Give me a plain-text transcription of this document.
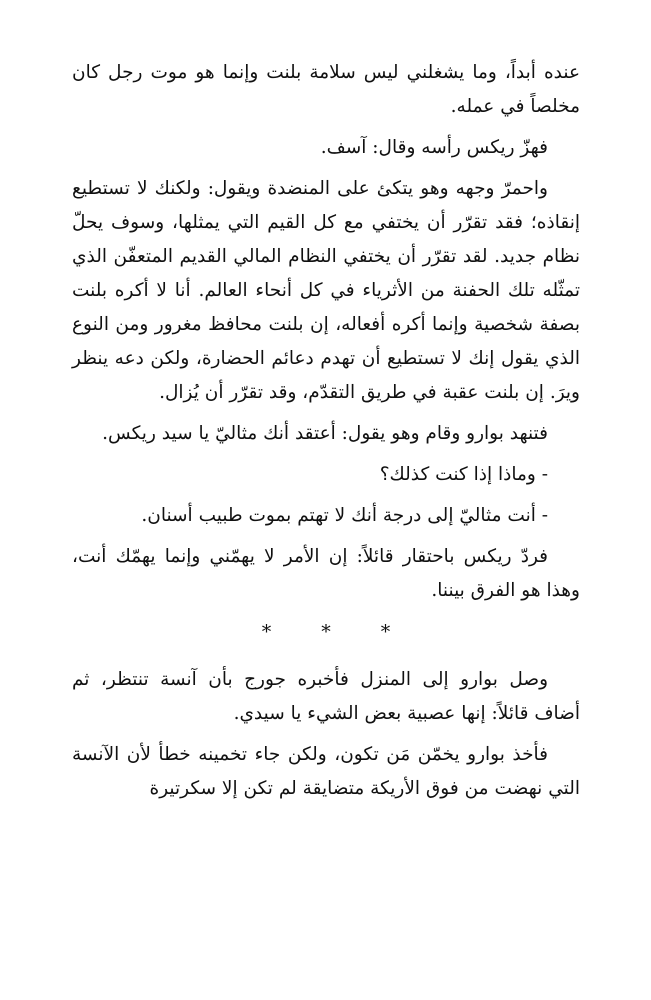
عنده أبداً، وما يشغلني ليس سلامة بلنت وإنما هو موت رجل كان مخلصاً في عمله.

فهزّ ريكس رأسه وقال: آسف.

واحمرّ وجهه وهو يتكئ على المنضدة ويقول: ولكنك لا تستطيع إنقاذه؛ فقد تقرّر أن يختفي مع كل القيم التي يمثلها، وسوف يحلّ نظام جديد. لقد تقرّر أن يختفي النظام المالي القديم المتعفّن الذي تمثّله تلك الحفنة من الأثرياء في كل أنحاء العالم. أنا لا أكره بلنت بصفة شخصية وإنما أكره أفعاله، إن بلنت محافظ مغرور ومن النوع الذي يقول إنك لا تستطيع أن تهدم دعائم الحضارة، ولكن دعه ينظر ويرَ. إن بلنت عقبة في طريق التقدّم، وقد تقرّر أن يُزال.

فتنهد بوارو وقام وهو يقول: أعتقد أنك مثاليّ يا سيد ريكس.

- وماذا إذا كنت كذلك؟

- أنت مثاليّ إلى درجة أنك لا تهتم بموت طبيب أسنان.

فردّ ريكس باحتقار قائلاً: إن الأمر لا يهمّني وإنما يهمّك أنت، وهذا هو الفرق بيننا.

* * *

وصل بوارو إلى المنزل فأخبره جورج بأن آنسة تنتظر، ثم أضاف قائلاً: إنها عصبية بعض الشيء يا سيدي.

فأخذ بوارو يخمّن مَن تكون، ولكن جاء تخمينه خطأ لأن الآنسة التي نهضت من فوق الأريكة متضايقة لم تكن إلا سكرتيرة
